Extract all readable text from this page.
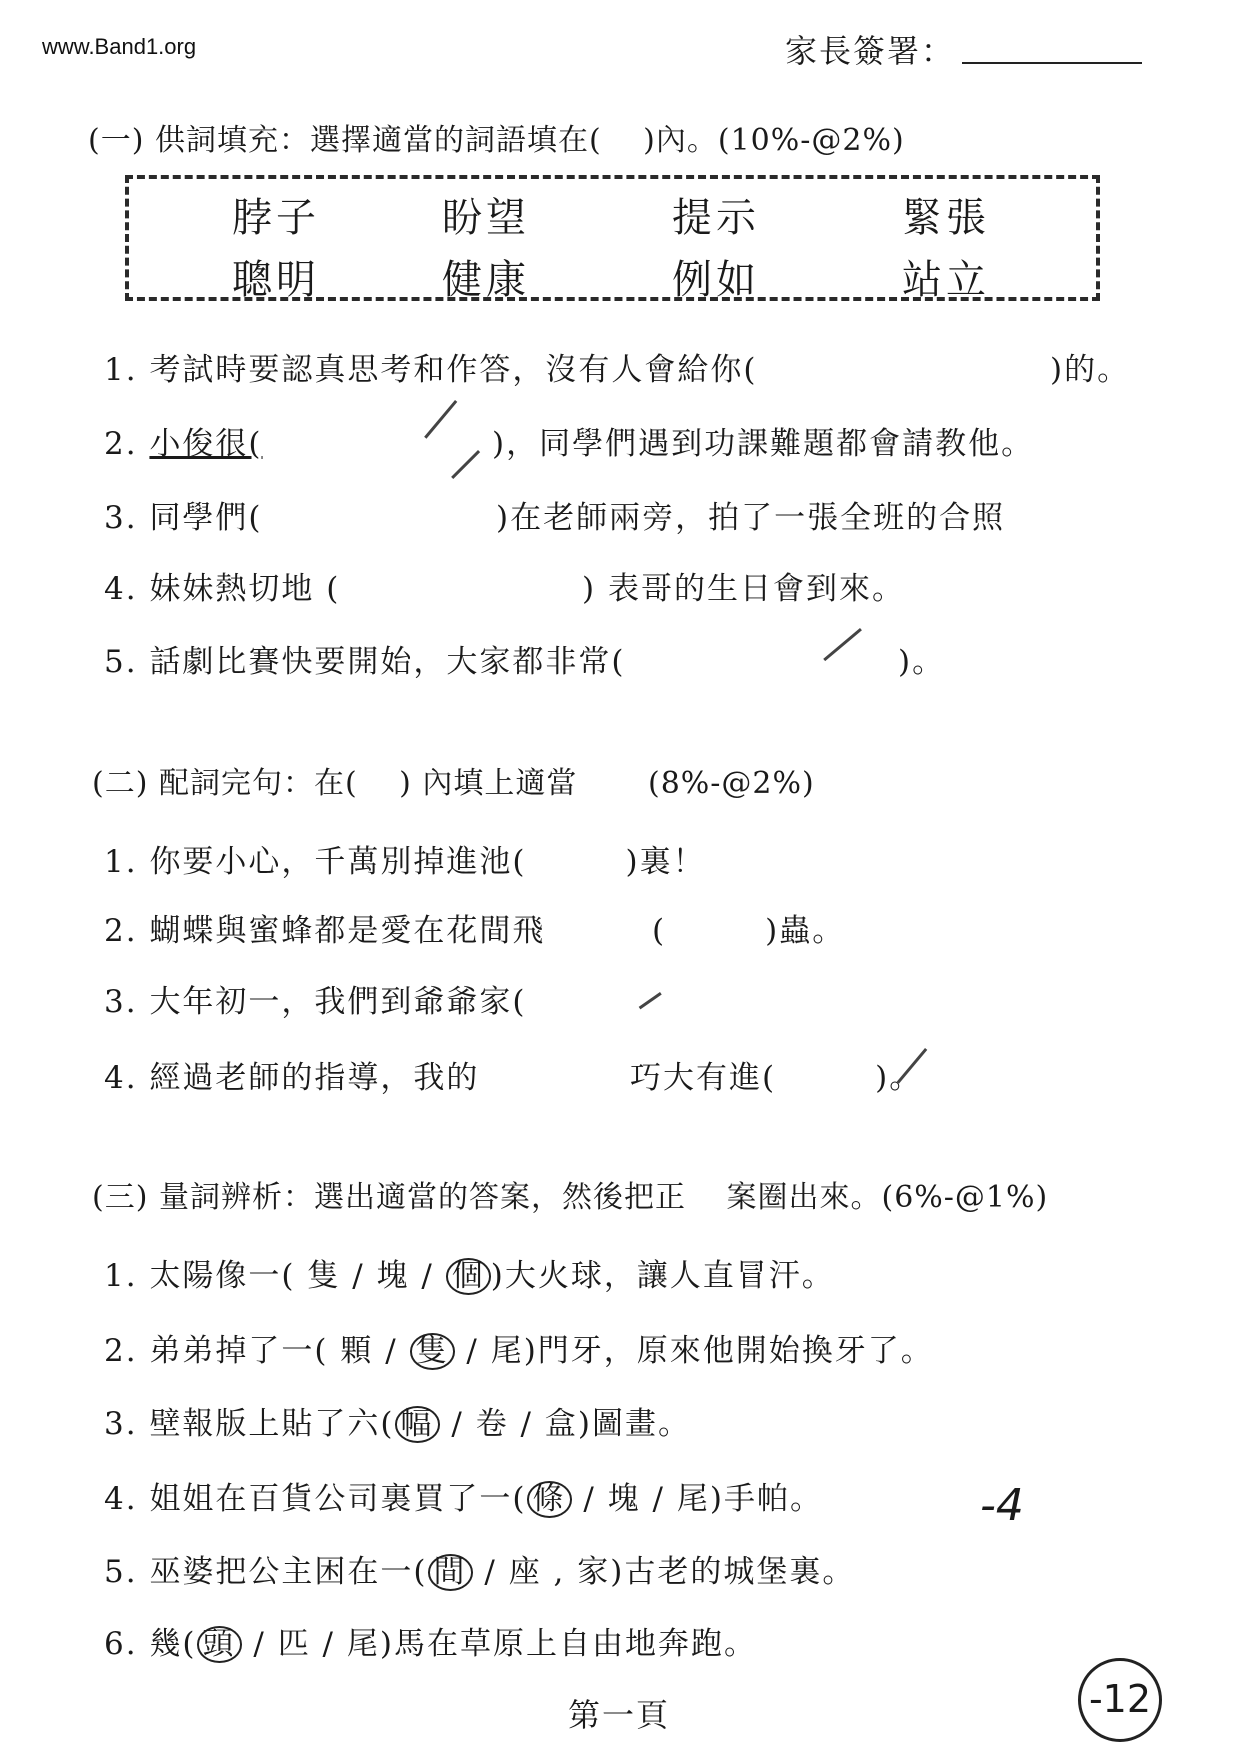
www.Band1.org	家長簽署：
(一) 供詞填充：選擇適當的詞語填在(　 )內。(10%-@2%)
脖子	盼望	提示	緊張
聰明	健康	例如	站立
1. 考試時要認真思考和作答，沒有人會給你(	)的。
2. 小俊很(	)，同學們遇到功課難題都會請教他。
3. 同學們(	)在老師兩旁，拍了一張全班的合照
4. 妹妹熱切地 (	) 表哥的生日會到來。
5. 話劇比賽快要開始，大家都非常(	)。
(二) 配詞完句：在( 　) 內填上適當 (8%-@2%)
1. 你要小心，千萬別掉進池(　　　)裏！
2. 蝴蝶與蜜蜂都是愛在花間飛	(　　　)蟲。
3. 大年初一，我們到爺爺家(
4. 經過老師的指導，我的	巧大有進(　　　)。
(三) 量詞辨析：選出適當的答案，然後把正 案圈出來。(6%-@1%)
1. 太陽像一( 隻 / 塊 / 個 )大火球，讓人直冒汗。
2. 弟弟掉了一( 顆 / 隻 / 尾)門牙，原來他開始換牙了。
3. 壁報版上貼了六( 幅 / 卷 / 盒)圖畫。
4. 姐姐在百貨公司裏買了一( 條 / 塊 / 尾)手帕。	-4
5. 巫婆把公主困在一( 間 / 座 , 家)古老的城堡裏。
6. 幾( 頭 / 匹 / 尾)馬在草原上自由地奔跑。
第一頁	-12
